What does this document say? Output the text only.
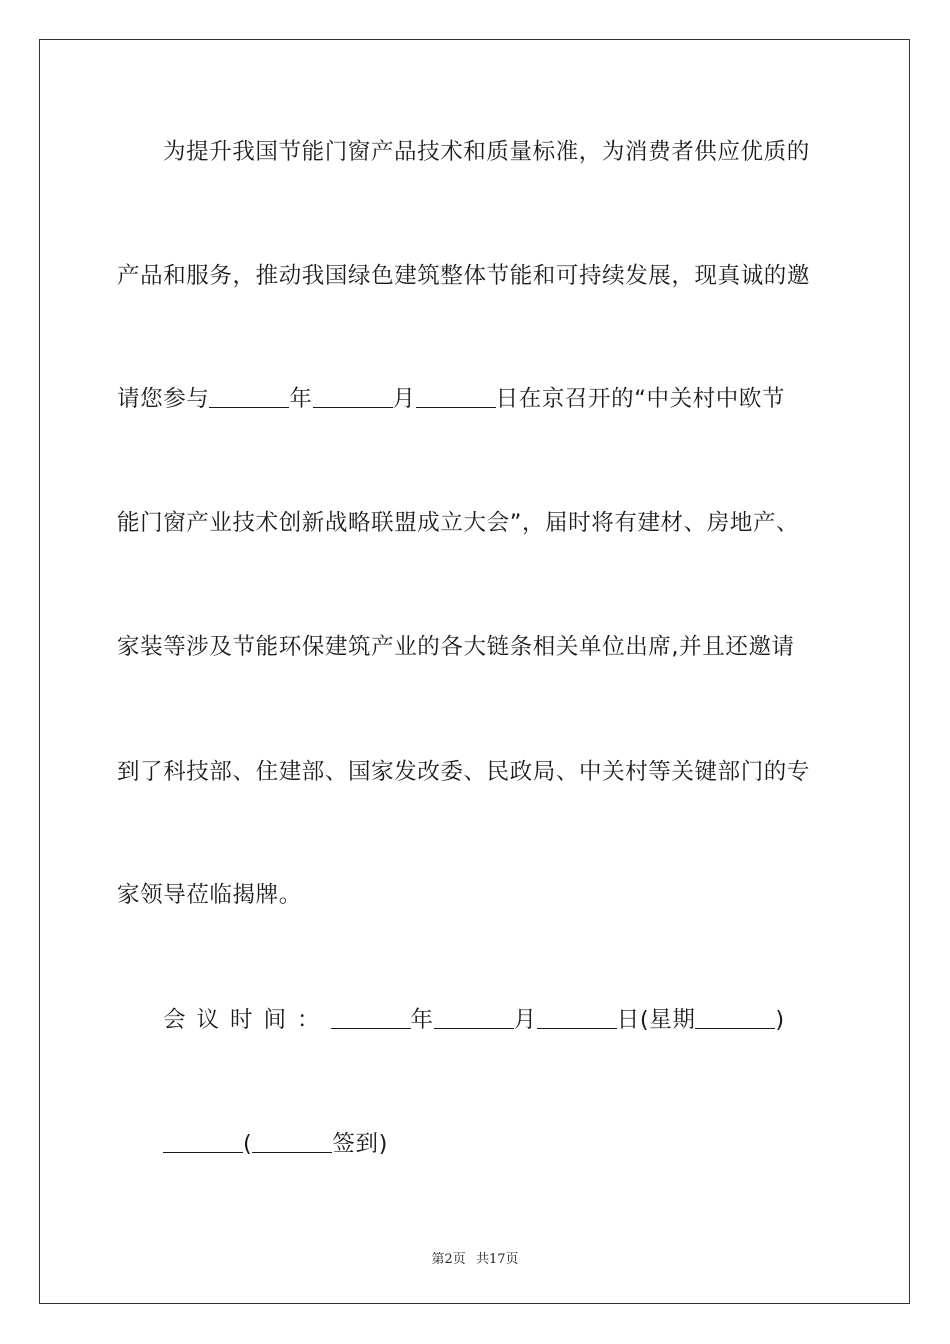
为提升我国节能门窗产品技术和质量标准，为消费者供应优质的
产品和服务，推动我国绿色建筑整体节能和可持续发展，现真诚的邀
请您参与	年	月	日在京召开的“中关村中欧节
能门窗产业技术创新战略联盟成立大会”，届时将有建材、房地产、
家装等涉及节能环保建筑产业的各大链条相关单位出席,并且还邀请
到了科技部、住建部、国家发改委、民政局、中关村等关键部门的专
家领导莅临揭牌。
会议时间：	年	月	日(星期	)
(	签到)
第2页 共17页
